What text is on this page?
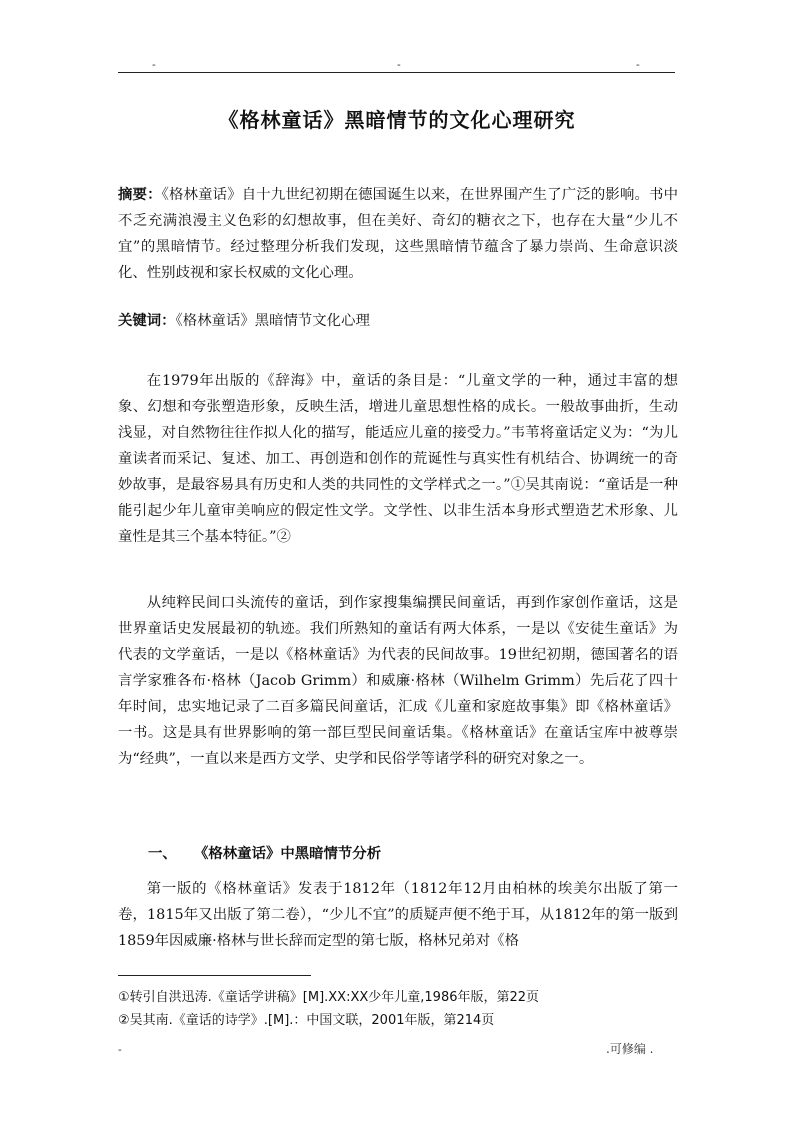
-	-	-
《格林童话》黑暗情节的文化心理研究

摘要：《格林童话》自十九世纪初期在德国诞生以来，在世界围产生了广泛的影响。书中不乏充满浪漫主义色彩的幻想故事，但在美好、奇幻的糖衣之下，也存在大量“少儿不宜”的黑暗情节。经过整理分析我们发现，这些黑暗情节蕴含了暴力崇尚、生命意识淡化、性别歧视和家长权威的文化心理。

关键词：《格林童话》黑暗情节文化心理

在1979年出版的《辞海》中，童话的条目是：“儿童文学的一种，通过丰富的想象、幻想和夸张塑造形象，反映生活，增进儿童思想性格的成长。一般故事曲折，生动浅显，对自然物往往作拟人化的描写，能适应儿童的接受力。”韦苇将童话定义为：“为儿童读者而采记、复述、加工、再创造和创作的荒诞性与真实性有机结合、协调统一的奇妙故事，是最容易具有历史和人类的共同性的文学样式之一。”①吴其南说：“童话是一种能引起少年儿童审美响应的假定性文学。文学性、以非生活本身形式塑造艺术形象、儿童性是其三个基本特征。”②

从纯粹民间口头流传的童话，到作家搜集编撰民间童话，再到作家创作童话，这是世界童话史发展最初的轨迹。我们所熟知的童话有两大体系，一是以《安徒生童话》为代表的文学童话，一是以《格林童话》为代表的民间故事。19世纪初期，德国著名的语言学家雅各布·格林（Jacob Grimm）和威廉·格林（Wilhelm Grimm）先后花了四十年时间，忠实地记录了二百多篇民间童话，汇成《儿童和家庭故事集》即《格林童话》一书。这是具有世界影响的第一部巨型民间童话集。《格林童话》在童话宝库中被尊崇为“经典”，一直以来是西方文学、史学和民俗学等诸学科的研究对象之一。

一、 《格林童话》中黑暗情节分析

第一版的《格林童话》发表于1812年（1812年12月由柏林的埃美尔出版了第一卷，1815年又出版了第二卷），“少儿不宜”的质疑声便不绝于耳，从1812年的第一版到1859年因威廉·格林与世长辞而定型的第七版，格林兄弟对《格

①转引自洪迅涛.《童话学讲稿》[M].XX:XX少年儿童,1986年版，第22页
②吴其南.《童话的诗学》.[M].：中国文联，2001年版，第214页
-	.可修编 .
